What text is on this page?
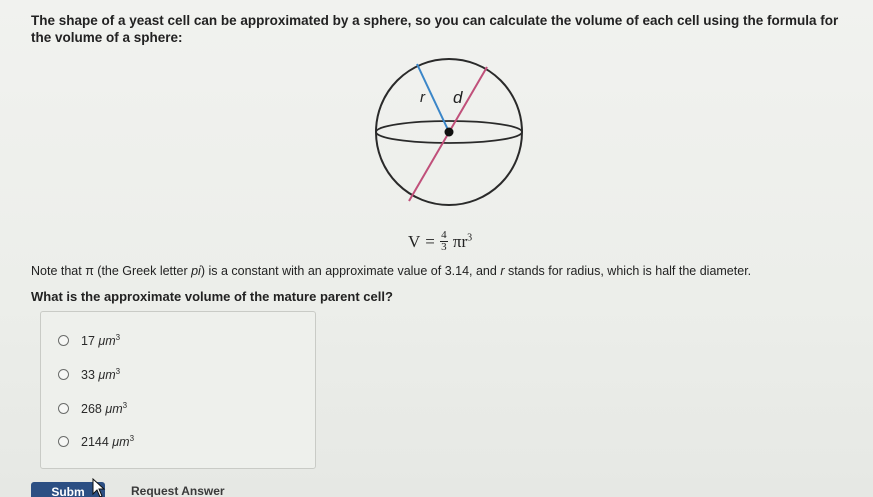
The shape of a yeast cell can be approximated by a sphere, so you can calculate the volume of each cell using the formula for the volume of a sphere:
r d
$V = \frac{4}{3} \pi r^3$
Note that π (the Greek letter pi) is a constant with an approximate value of 3.14, and r stands for radius, which is half the diameter.
What is the approximate volume of the mature parent cell?
17 $\mu m^3$
33 $\mu m^3$
268 $\mu m^3$
2144 $\mu m^3$
Subm	Request Answer
